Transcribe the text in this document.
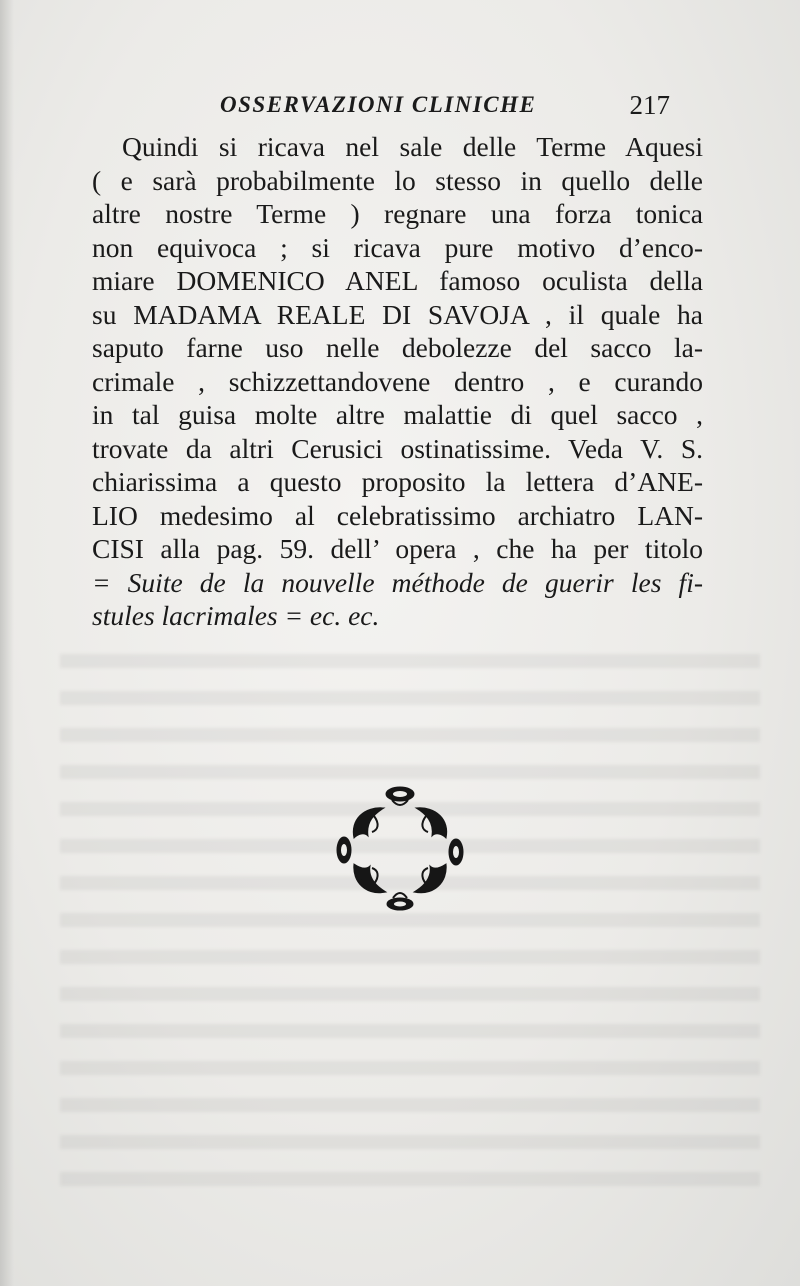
OSSERVAZIONI CLINICHE	217
Quindi si ricava nel sale delle Terme Aquesi
( e sarà probabilmente lo stesso in quello delle
altre nostre Terme ) regnare una forza tonica
non equivoca ; si ricava pure motivo d’enco-
miare DOMENICO ANEL famoso oculista della
su MADAMA REALE DI SAVOJA , il quale ha
saputo farne uso nelle debolezze del sacco la-
crimale , schizzettandovene dentro , e curando
in tal guisa molte altre malattie di quel sacco ,
trovate da altri Cerusici ostinatissime. Veda V. S.
chiarissima a questo proposito la lettera d’ANE-
LIO medesimo al celebratissimo archiatro LAN-
CISI alla pag. 59. dell’ opera , che ha per titolo
= Suite de la nouvelle méthode de guerir les fi-
stules lacrimales = ec. ec.
